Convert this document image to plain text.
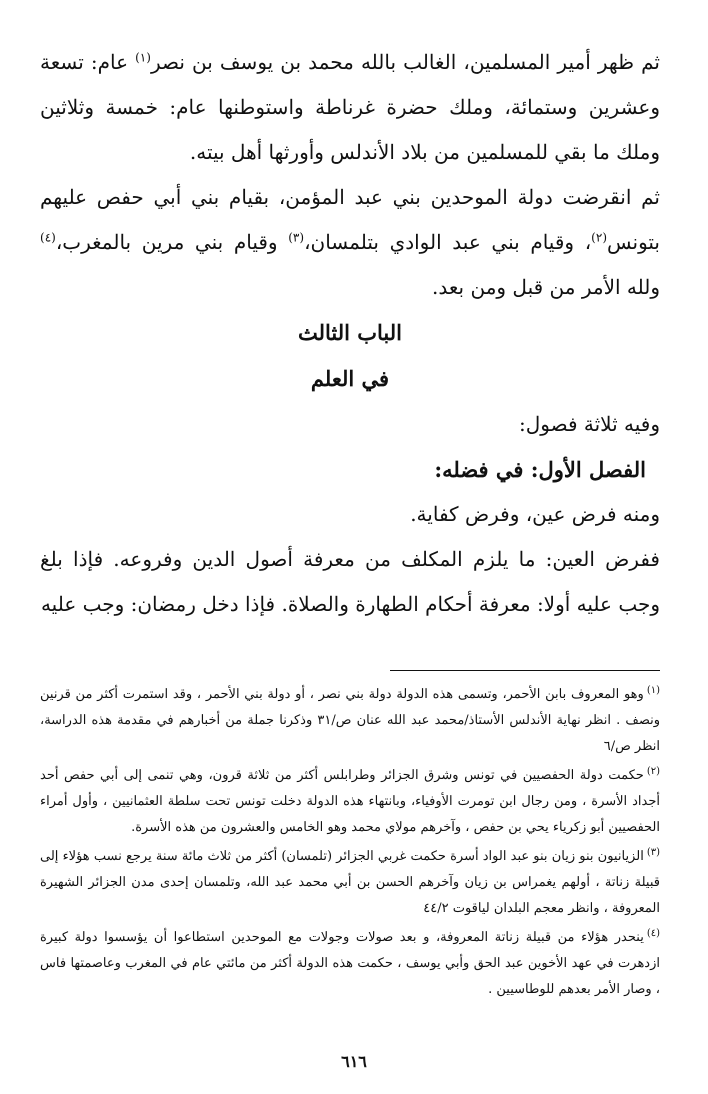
ثم ظهر أمير المسلمين، الغالب بالله محمد بن يوسف بن نصر$^{(١)}$ عام: تسعة وعشرين وستمائة، وملك حضرة غرناطة واستوطنها عام: خمسة وثلاثين وملك ما بقي للمسلمين من بلاد الأندلس وأورثها أهل بيته.

ثم انقرضت دولة الموحدين بني عبد المؤمن، بقيام بني أبي حفص عليهم بتونس$^{(٢)}$، وقيام بني عبد الوادي بتلمسان،$^{(٣)}$ وقيام بني مرين بالمغرب،$^{(٤)}$ ولله الأمر من قبل ومن بعد.

الباب الثالث

في العلم

وفيه ثلاثة فصول:

الفصل الأول: في فضله:

ومنه فرض عين، وفرض كفاية.

ففرض العين: ما يلزم المكلف من معرفة أصول الدين وفروعه. فإذا بلغ وجب عليه أولا: معرفة أحكام الطهارة والصلاة. فإذا دخل رمضان: وجب عليه

$^{(١)}$وهو المعروف بابن الأحمر، وتسمى هذه الدولة دولة بني نصر ، أو دولة بني الأحمر ، وقد استمرت أكثر من قرنين ونصف . انظر نهاية الأندلس الأستاذ/محمد عبد الله عنان ص/٣١ وذكرنا جملة من أخبارهم في مقدمة هذه الدراسة، انظر ص/٦

$^{(٢)}$حكمت دولة الحفصيين في تونس وشرق الجزائر وطرابلس أكثر من ثلاثة قرون، وهي تنمى إلى أبي حفص أحد أجداد الأسرة ، ومن رجال ابن تومرت الأوفياء، وبانتهاء هذه الدولة دخلت تونس تحت سلطة العثمانيين ، وأول أمراء الحفصيين أبو زكرياء يحي بن حفص ، وآخرهم مولاي محمد وهو الخامس والعشرون من هذه الأسرة.

$^{(٣)}$الزيانيون بنو زيان بنو عبد الواد أسرة حكمت غربي الجزائر (تلمسان) أكثر من ثلاث مائة سنة يرجع نسب هؤلاء إلى قبيلة زناتة ، أولهم يغمراس بن زيان وآخرهم الحسن بن أبي محمد عبد الله، وتلمسان إحدى مدن الجزائر الشهيرة المعروفة ، وانظر معجم البلدان لياقوت ٤٤/٢

$^{(٤)}$ينحدر هؤلاء من قبيلة زناتة المعروفة، و بعد صولات وجولات مع الموحدين استطاعوا أن يؤسسوا دولة كبيرة ازدهرت في عهد الأخوين عبد الحق وأبي يوسف ، حكمت هذه الدولة أكثر من مائتي عام في المغرب وعاصمتها فاس ، وصار الأمر بعدهم للوطاسيين .

٦١٦
